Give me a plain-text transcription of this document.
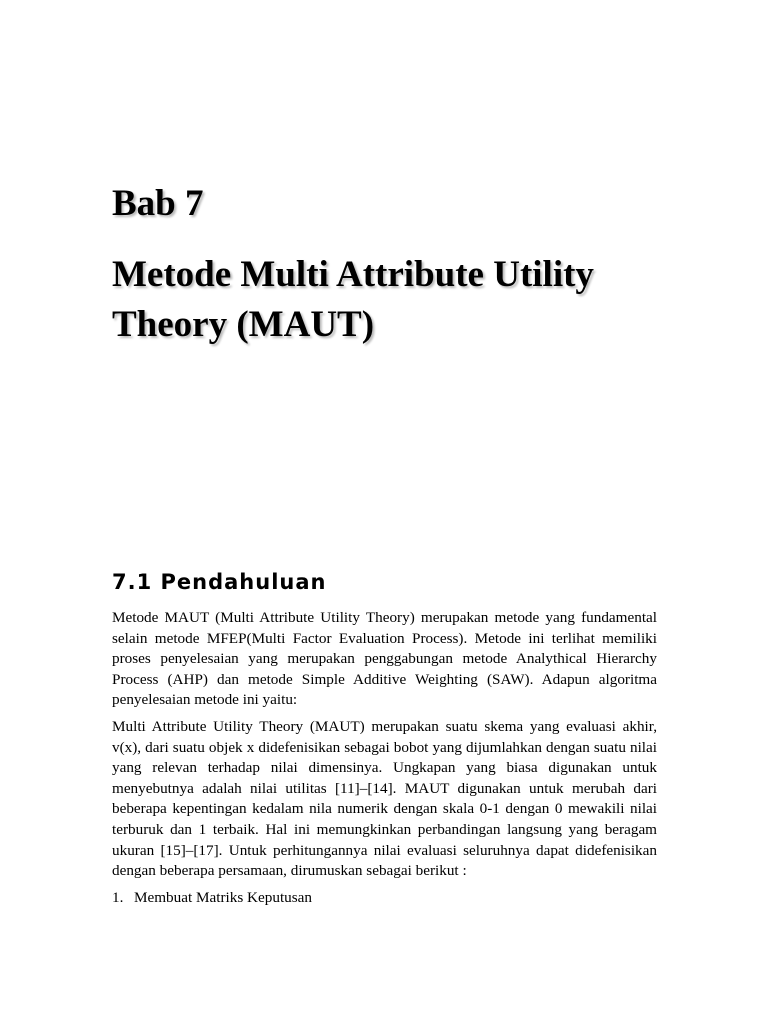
Bab 7
Metode Multi Attribute Utility Theory (MAUT)
7.1 Pendahuluan

Metode MAUT (Multi Attribute Utility Theory) merupakan metode yang fundamental selain metode MFEP(Multi Factor Evaluation Process). Metode ini terlihat memiliki proses penyelesaian yang merupakan penggabungan metode Analythical Hierarchy Process (AHP) dan metode Simple Additive Weighting (SAW). Adapun algoritma penyelesaian metode ini yaitu:

Multi Attribute Utility Theory (MAUT) merupakan suatu skema yang evaluasi akhir, v(x), dari suatu objek x didefenisikan sebagai bobot yang dijumlahkan dengan suatu nilai yang relevan terhadap nilai dimensinya. Ungkapan yang biasa digunakan untuk menyebutnya adalah nilai utilitas [11]–[14]. MAUT digunakan untuk merubah dari beberapa kepentingan kedalam nila numerik dengan skala 0-1 dengan 0 mewakili nilai terburuk dan 1 terbaik. Hal ini memungkinkan perbandingan langsung yang beragam ukuran [15]–[17]. Untuk perhitungannya nilai evaluasi seluruhnya dapat didefenisikan dengan beberapa persamaan, dirumuskan sebagai berikut :

1. Membuat Matriks Keputusan
